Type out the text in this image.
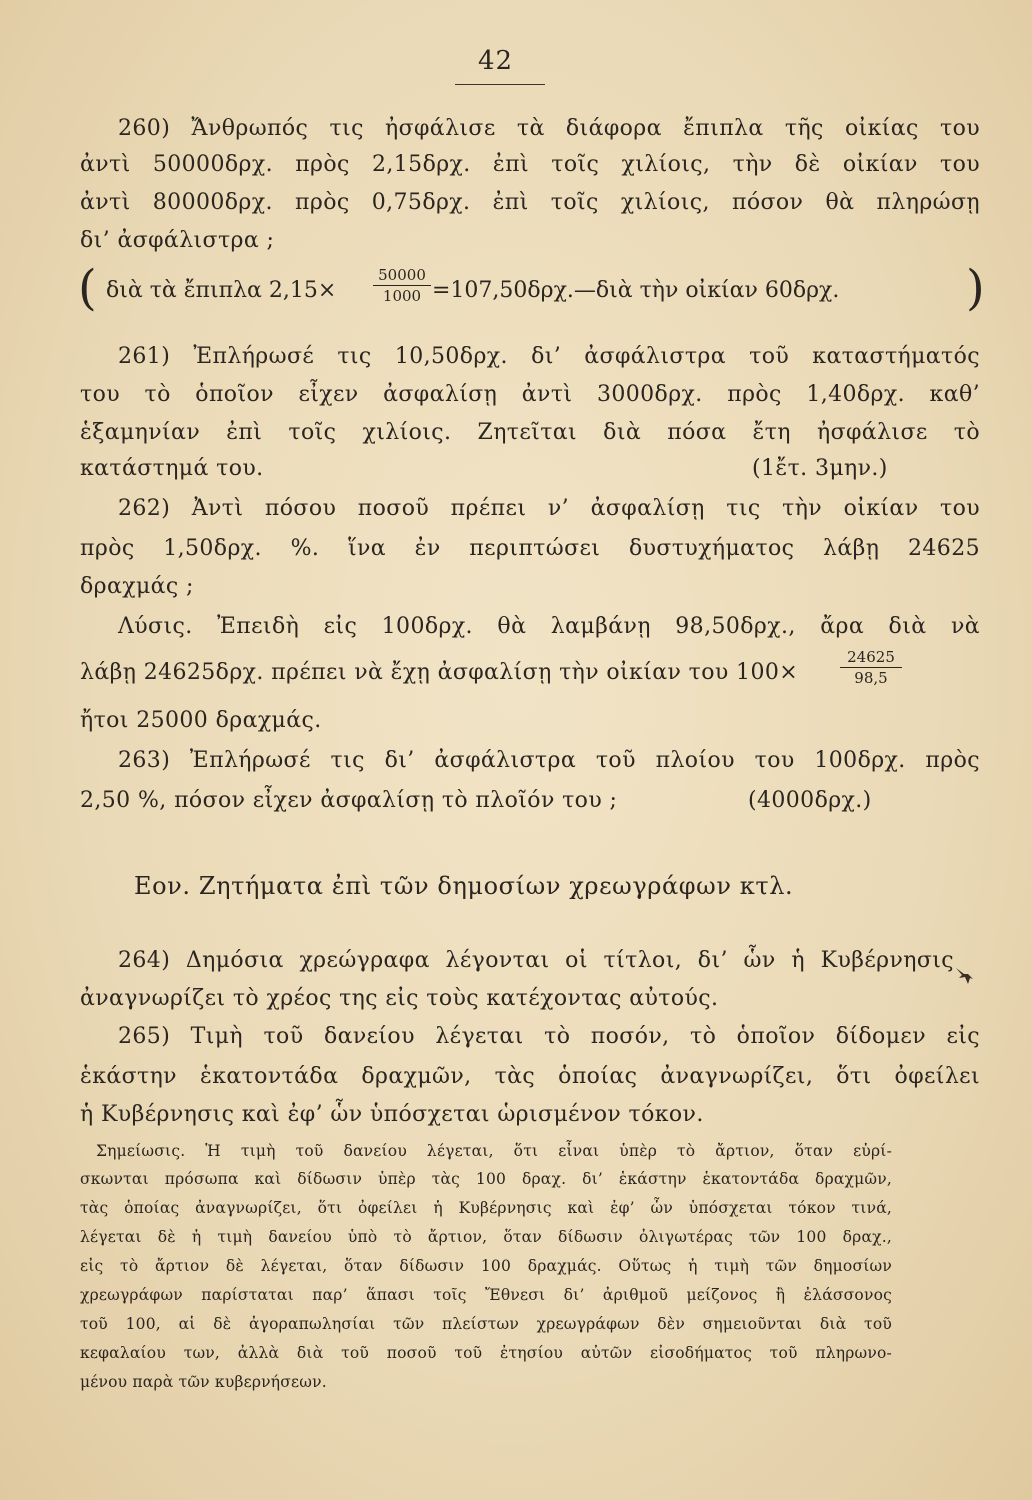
42
260) Ἄνθρωπός τις ἠσφάλισε τὰ διάφορα ἔπιπλα τῆς οἰκίας του
ἀντὶ 50000δρχ. πρὸς 2,15δρχ. ἐπὶ τοῖς χιλίοις, τὴν δὲ οἰκίαν του
ἀντὶ 80000δρχ. πρὸς 0,75δρχ. ἐπὶ τοῖς χιλίοις, πόσον θὰ πληρώσῃ
δι’ ἀσφάλιστρα ;
( διὰ τὰ ἔπιπλα 2,15×
50000
1000 =107,50δρχ.—διὰ τὴν οἰκίαν 60δρχ.	)
261) Ἐπλήρωσέ τις 10,50δρχ. δι’ ἀσφάλιστρα τοῦ καταστήματός
του τὸ ὁποῖον εἶχεν ἀσφαλίσῃ ἀντὶ 3000δρχ. πρὸς 1,40δρχ. καθ’
ἑξαμηνίαν ἐπὶ τοῖς χιλίοις. Ζητεῖται διὰ πόσα ἔτη ἠσφάλισε τὸ
κατάστημά του.	(1ἔτ. 3μην.)
262) Ἀντὶ πόσου ποσοῦ πρέπει ν’ ἀσφαλίσῃ τις τὴν οἰκίαν του
πρὸς 1,50δρχ. %. ἵνα ἐν περιπτώσει δυστυχήματος λάβῃ 24625
δραχμάς ;
Λύσις. Ἐπειδὴ εἰς 100δρχ. θὰ λαμβάνῃ 98,50δρχ., ἄρα διὰ νὰ
λάβῃ 24625δρχ. πρέπει νὰ ἔχῃ ἀσφαλίσῃ τὴν οἰκίαν του 100×
24625
98,5
ἤτοι 25000 δραχμάς.
263) Ἐπλήρωσέ τις δι’ ἀσφάλιστρα τοῦ πλοίου του 100δρχ. πρὸς
2,50 %, πόσον εἶχεν ἀσφαλίσῃ τὸ πλοῖόν του ;	(4000δρχ.)
Εον. Ζητήματα ἐπὶ τῶν δημοσίων χρεωγράφων κτλ.
264) Δημόσια χρεώγραφα λέγονται οἱ τίτλοι, δι’ ὧν ἡ Κυβέρνησις
ἀναγνωρίζει τὸ χρέος της εἰς τοὺς κατέχοντας αὐτούς.
265) Τιμὴ τοῦ δανείου λέγεται τὸ ποσόν, τὸ ὁποῖον δίδομεν εἰς
ἑκάστην ἑκατοντάδα δραχμῶν, τὰς ὁποίας ἀναγνωρίζει, ὅτι ὀφείλει
ἡ Κυβέρνησις καὶ ἐφ’ ὧν ὑπόσχεται ὡρισμένον τόκον.
Σημείωσις. Ἡ τιμὴ τοῦ δανείου λέγεται, ὅτι εἶναι ὑπὲρ τὸ ἄρτιον, ὅταν εὑρί-
σκωνται πρόσωπα καὶ δίδωσιν ὑπὲρ τὰς 100 δραχ. δι’ ἑκάστην ἑκατοντάδα δραχμῶν,
τὰς ὁποίας ἀναγνωρίζει, ὅτι ὀφείλει ἡ Κυβέρνησις καὶ ἐφ’ ὧν ὑπόσχεται τόκον τινά,
λέγεται δὲ ἡ τιμὴ δανείου ὑπὸ τὸ ἄρτιον, ὅταν δίδωσιν ὀλιγωτέρας τῶν 100 δραχ.,
εἰς τὸ ἄρτιον δὲ λέγεται, ὅταν δίδωσιν 100 δραχμάς. Οὕτως ἡ τιμὴ τῶν δημοσίων
χρεωγράφων παρίσταται παρ’ ἅπασι τοῖς Ἔθνεσι δι’ ἀριθμοῦ μείζονος ἢ ἐλάσσονος
τοῦ 100, αἱ δὲ ἀγοραπωλησίαι τῶν πλείστων χρεωγράφων δὲν σημειοῦνται διὰ τοῦ
κεφαλαίου των, ἀλλὰ διὰ τοῦ ποσοῦ τοῦ ἐτησίου αὐτῶν εἰσοδήματος τοῦ πληρωνο-
μένου παρὰ τῶν κυβερνήσεων.
